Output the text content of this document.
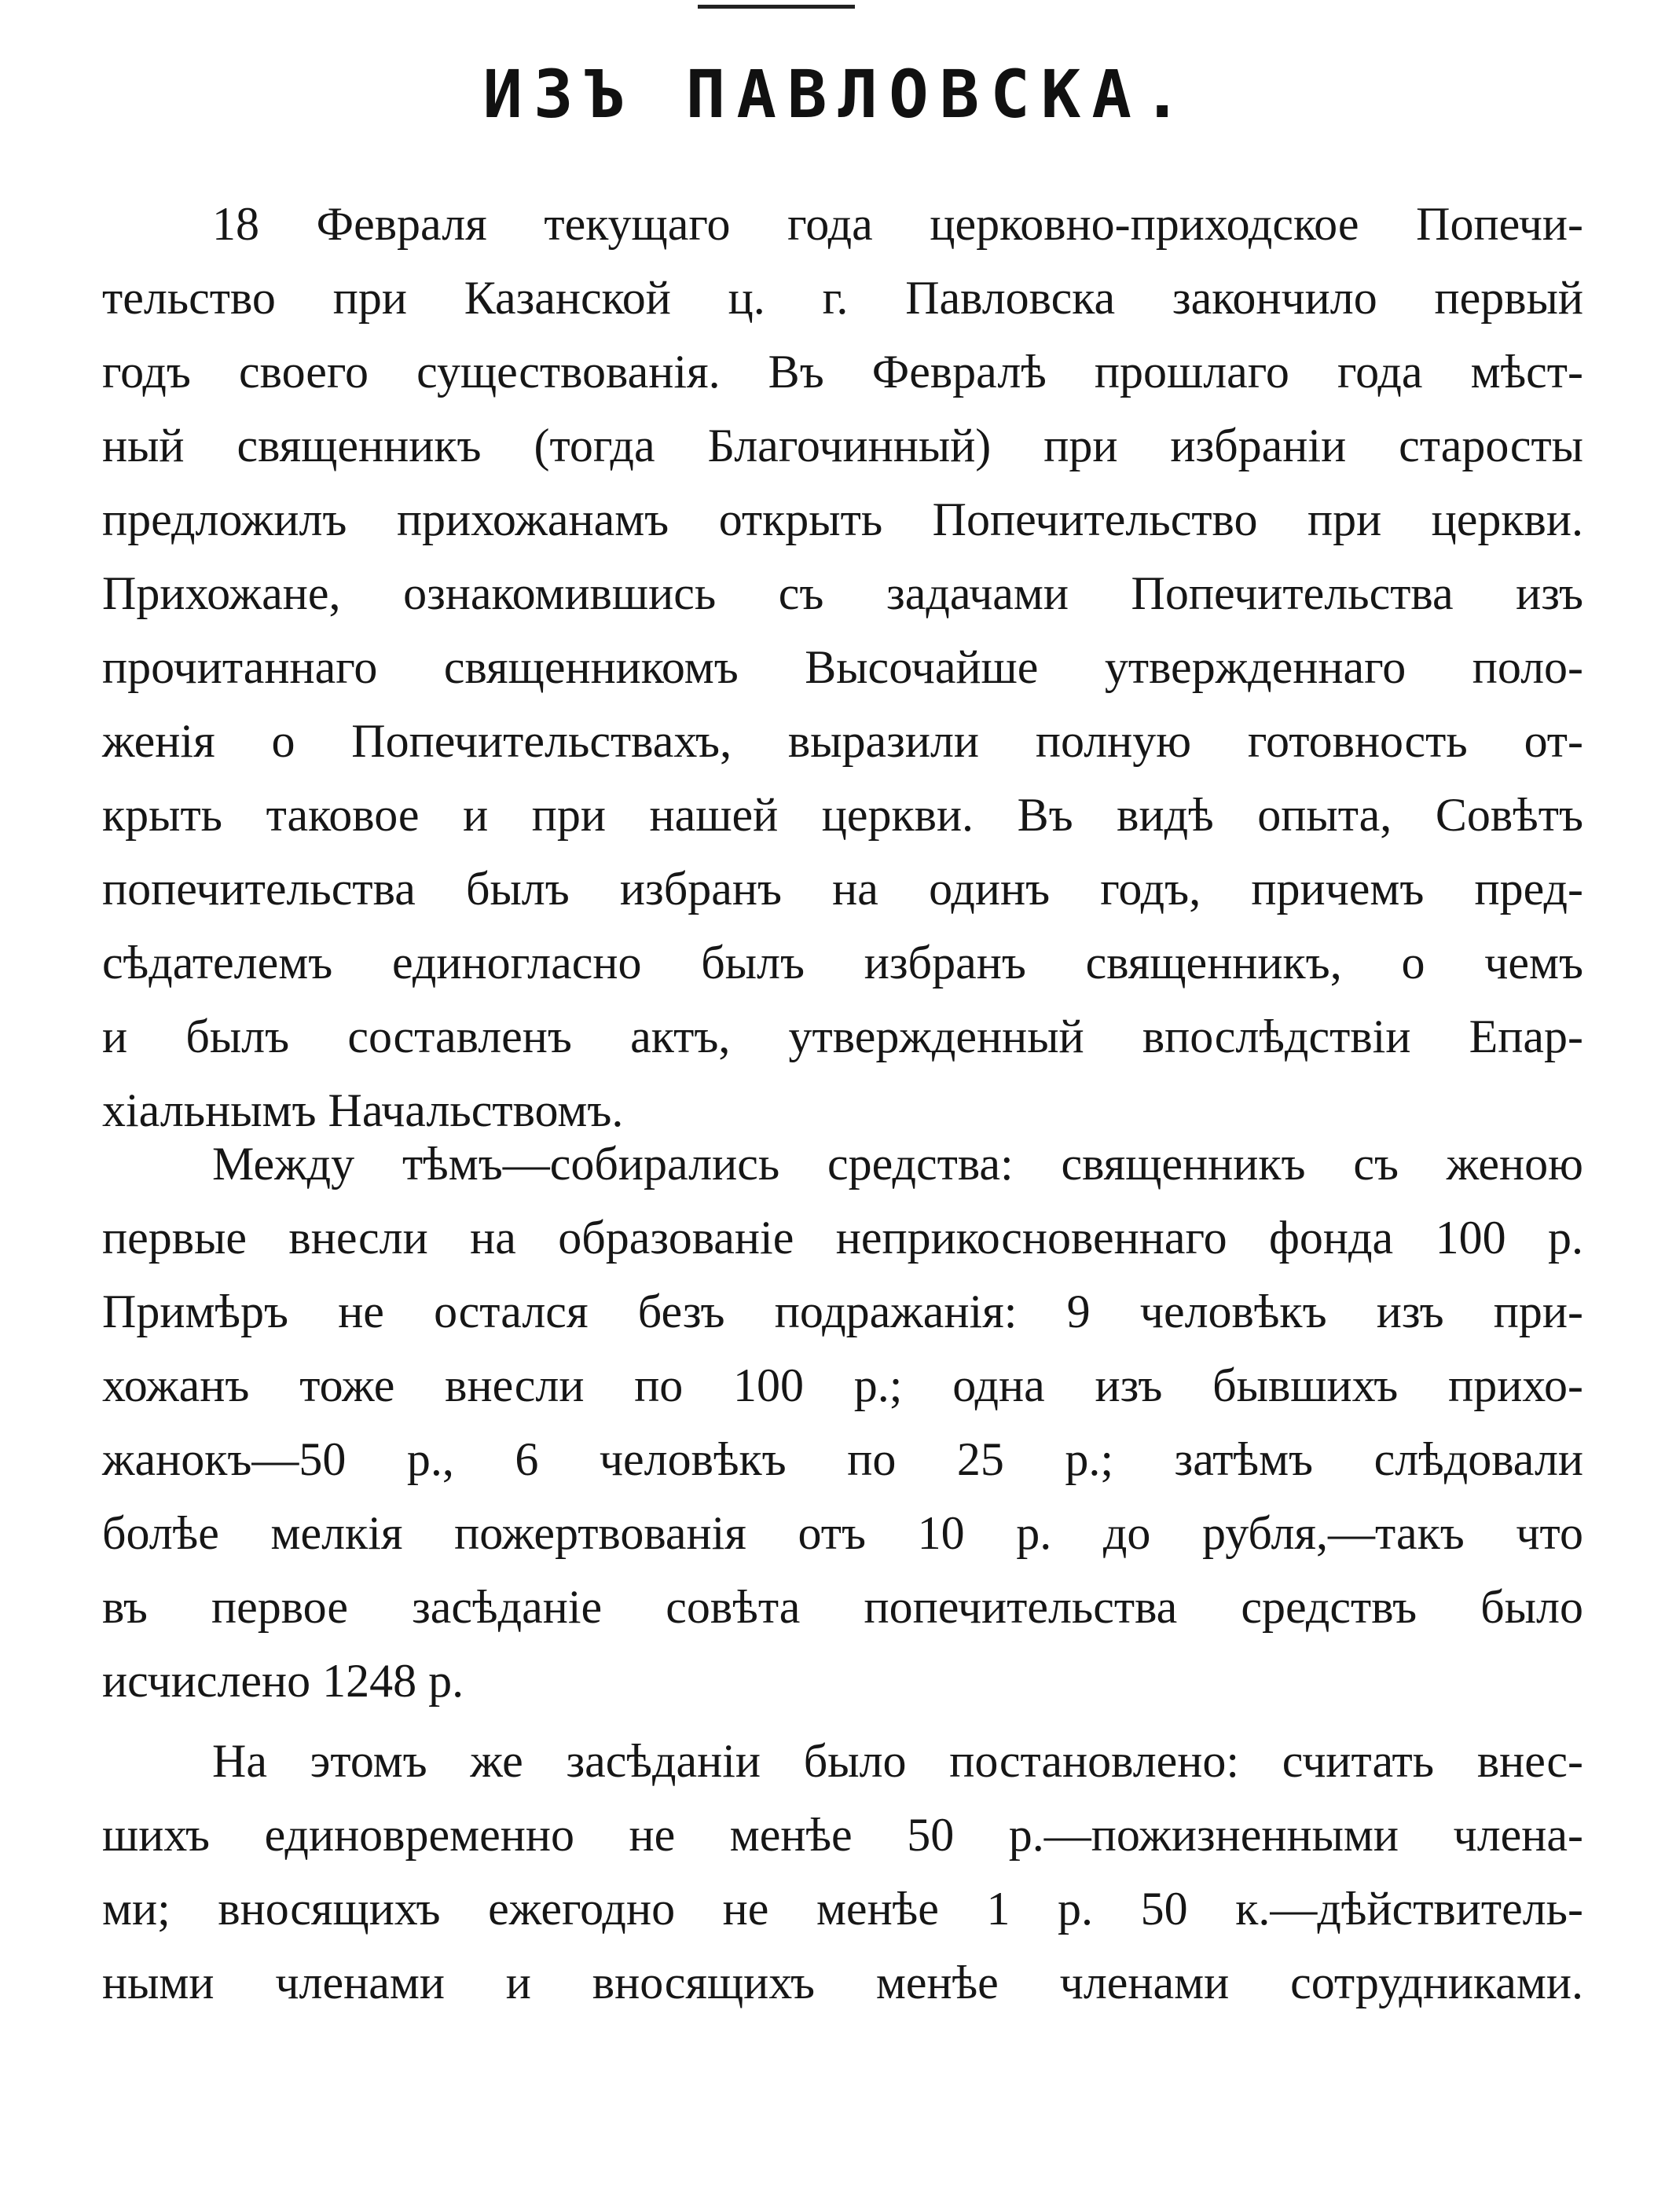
ИЗЪ ПАВЛОВСКА.
18 Февраля текущаго года церковно-приходское Попечи-
тельство при Казанской ц. г. Павловска закончило первый
годъ своего существованія. Въ Февралѣ прошлаго года мѣст-
ный священникъ (тогда Благочинный) при избраніи старосты
предложилъ прихожанамъ открыть Попечительство при церкви.
Прихожане, ознакомившись съ задачами Попечительства изъ
прочитаннаго священникомъ Высочайше утвержденнаго поло-
женія о Попечительствахъ, выразили полную готовность от-
крыть таковое и при нашей церкви. Въ видѣ опыта, Совѣтъ
попечительства былъ избранъ на одинъ годъ, причемъ пред-
сѣдателемъ единогласно былъ избранъ священникъ, о чемъ
и былъ составленъ актъ, утвержденный впослѣдствіи Епар-
хіальнымъ Начальствомъ.
Между тѣмъ—собирались средства: священникъ съ женою
первые внесли на образованіе неприкосновеннаго фонда 100 р.
Примѣръ не остался безъ подражанія: 9 человѣкъ изъ при-
хожанъ тоже внесли по 100 р.; одна изъ бывшихъ прихо-
жанокъ—50 р., 6 человѣкъ по 25 р.; затѣмъ слѣдовали
болѣе мелкія пожертвованія отъ 10 р. до рубля,—такъ что
въ первое засѣданіе совѣта попечительства средствъ было
исчислено 1248 р.
На этомъ же засѣданіи было постановлено: считать внес-
шихъ единовременно не менѣе 50 р.—пожизненными члена-
ми; вносящихъ ежегодно не менѣе 1 р. 50 к.—дѣйствитель-
ными членами и вносящихъ менѣе членами сотрудниками.
